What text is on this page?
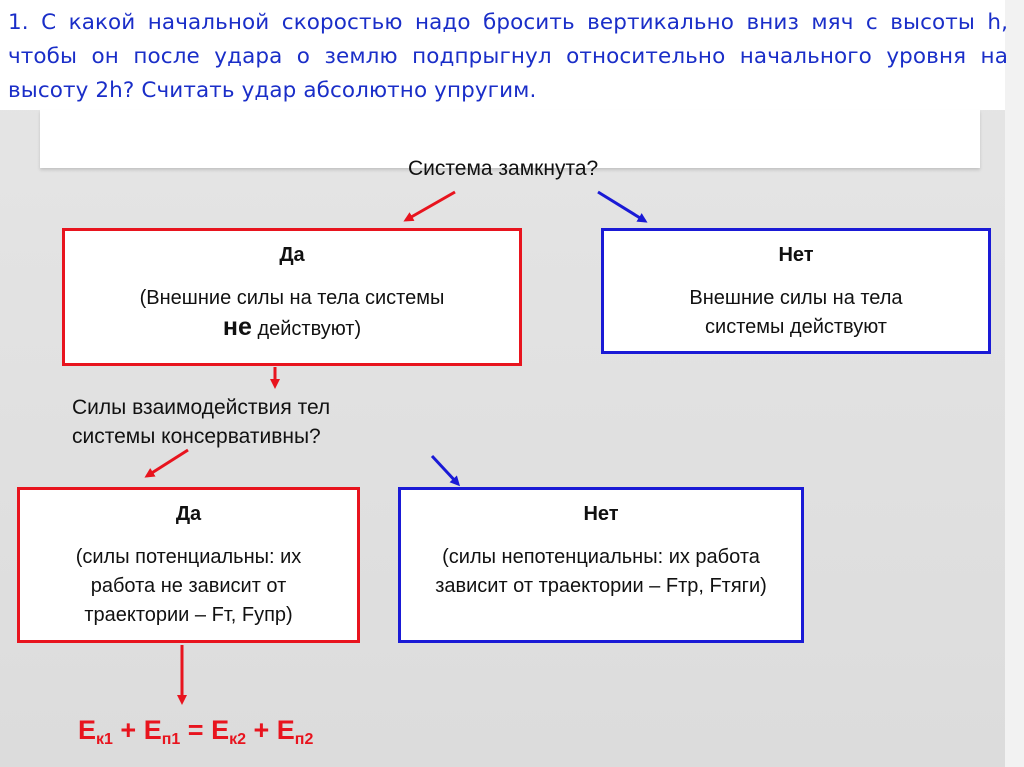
1. С какой начальной скоростью надо бросить вертикально вниз мяч с высоты h, чтобы он после удара о землю подпрыгнул относительно начального уровня на высоту 2h? Считать удар абсолютно упругим.
Система замкнута?
Да
(Внешние силы на тела системы
не действуют)
Нет
Внешние силы на тела системы действуют
Силы взаимодействия тел системы консервативны?
Да
(силы потенциальны: их работа не зависит от траектории – Fт, Fупр)
Нет
(силы непотенциальны: их работа зависит от траектории – Fтр, Fтяги)
$E_{к1} + E_{п1} = E_{к2} + E_{п2}$
